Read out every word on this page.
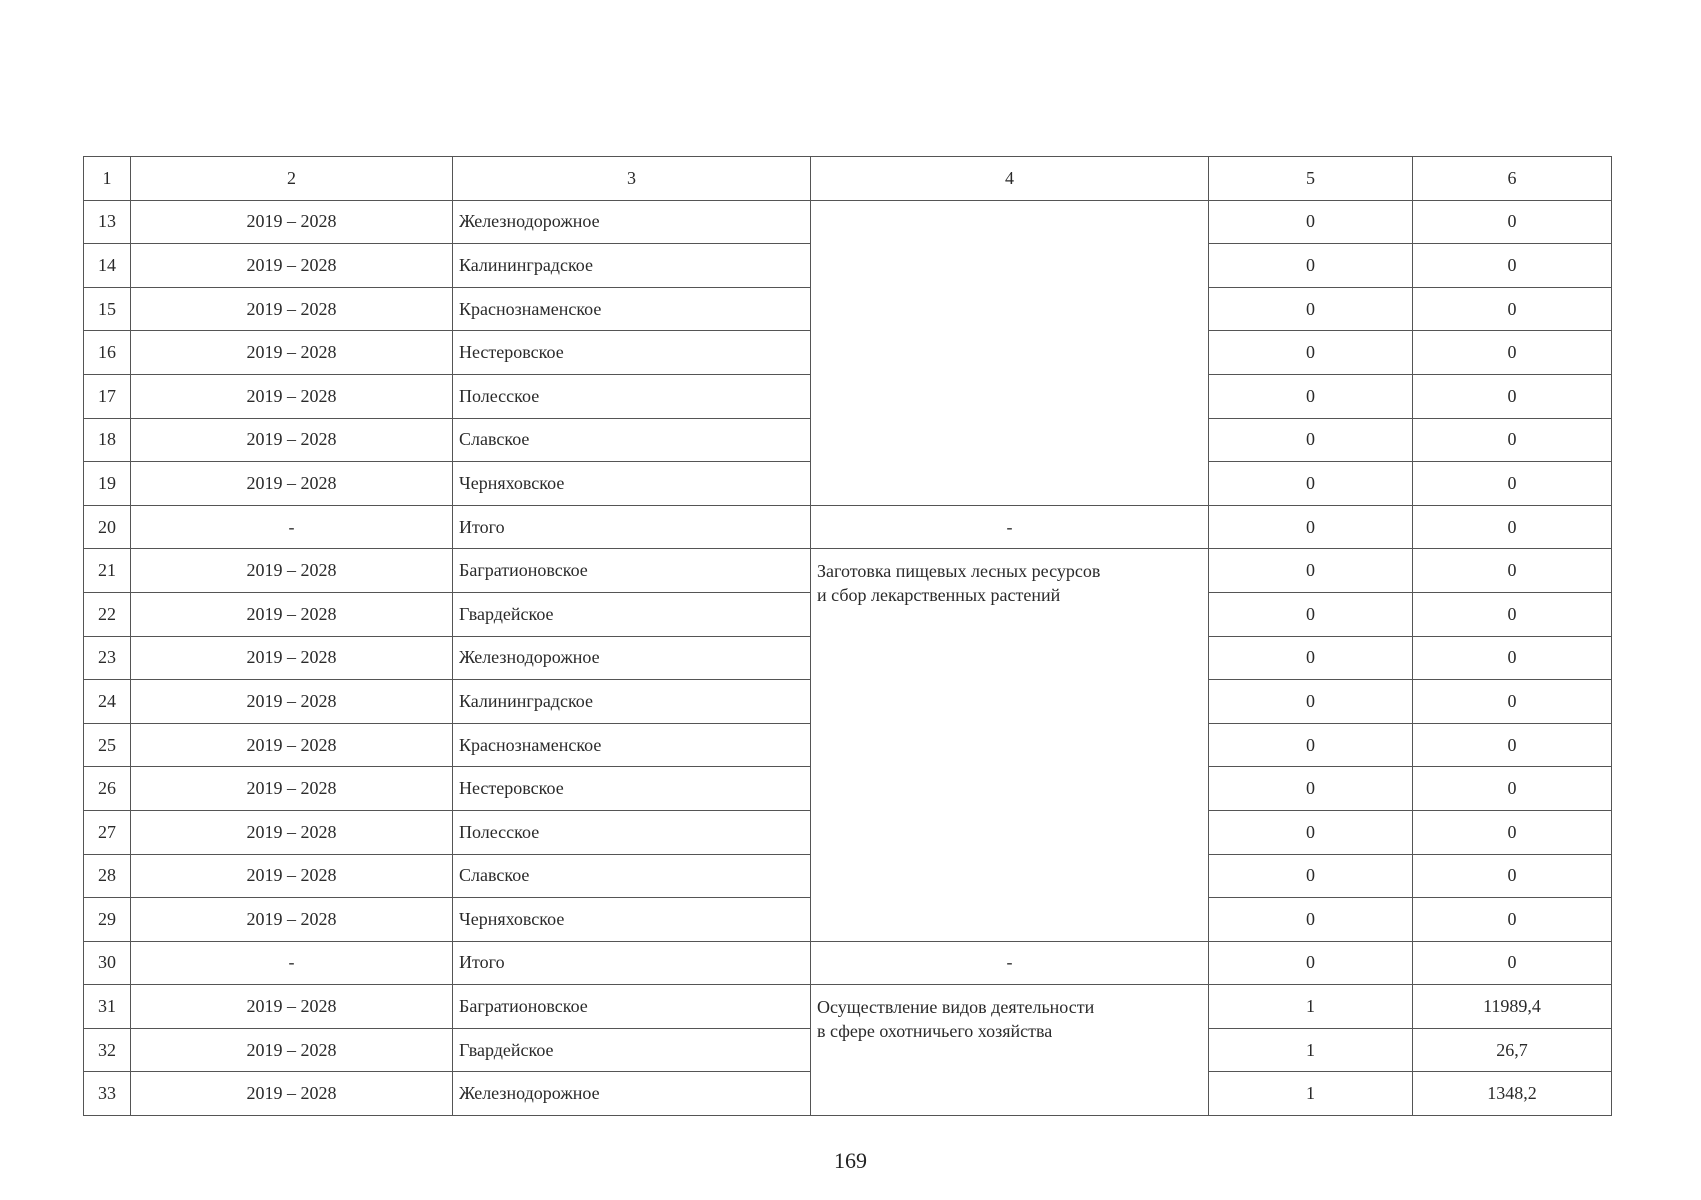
1	2	3	4	5	6
13	2019 – 2028	Железнодорожное		0	0
14	2019 – 2028	Калининградское		0	0
15	2019 – 2028	Краснознаменское		0	0
16	2019 – 2028	Нестеровское		0	0
17	2019 – 2028	Полесское		0	0
18	2019 – 2028	Славское		0	0
19	2019 – 2028	Черняховское		0	0
20	-	Итого	-	0	0
21	2019 – 2028	Багратионовское	Заготовка пищевых лесных ресурсов
и сбор лекарственных растений	0	0
22	2019 – 2028	Гвардейское		0	0
23	2019 – 2028	Железнодорожное		0	0
24	2019 – 2028	Калининградское		0	0
25	2019 – 2028	Краснознаменское		0	0
26	2019 – 2028	Нестеровское		0	0
27	2019 – 2028	Полесское		0	0
28	2019 – 2028	Славское		0	0
29	2019 – 2028	Черняховское		0	0
30	-	Итого	-	0	0
31	2019 – 2028	Багратионовское	Осуществление видов деятельности
в сфере охотничьего хозяйства	1	11989,4
32	2019 – 2028	Гвардейское		1	26,7
33	2019 – 2028	Железнодорожное		1	1348,2
169
